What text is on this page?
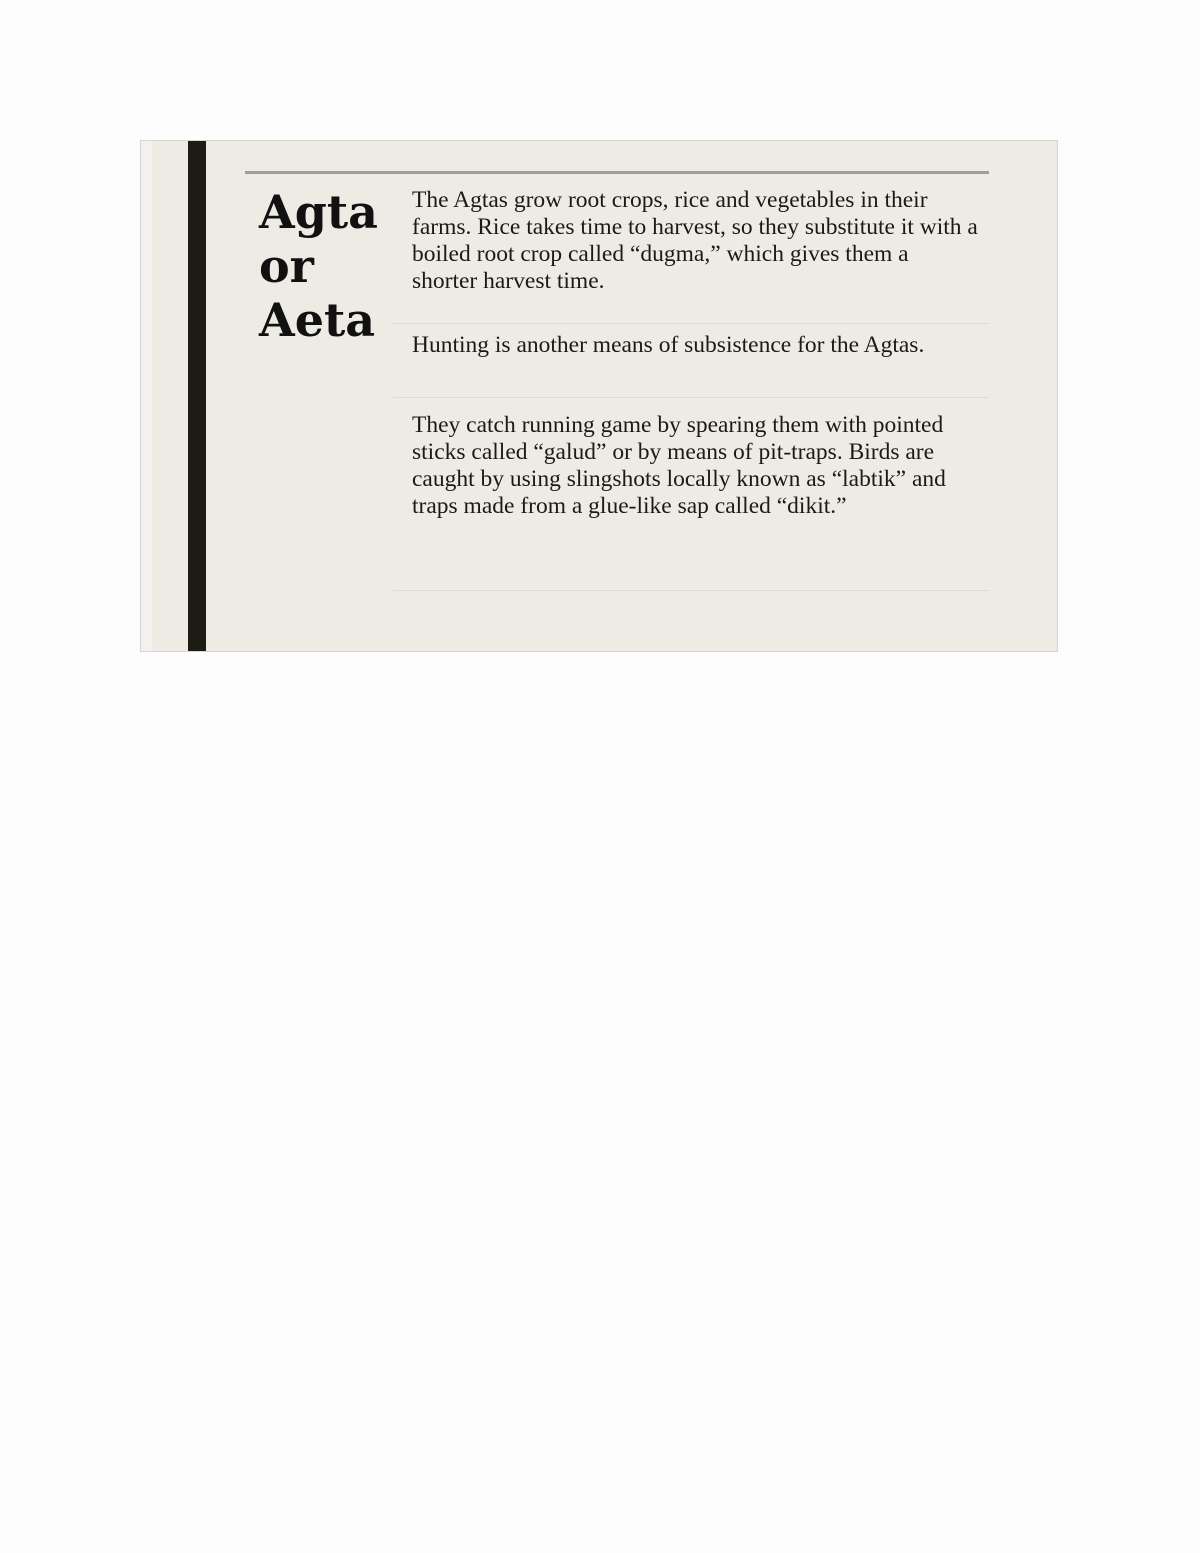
Agta
or
Aeta
The Agtas grow root crops, rice and vegetables in their farms. Rice takes time to harvest, so they substitute it with a boiled root crop called “dugma,” which gives them a shorter harvest time.
Hunting is another means of subsistence for the Agtas.
They catch running game by spearing them with pointed sticks called “galud” or by means of pit-traps. Birds are caught by using slingshots locally known as “labtik” and traps made from a glue-like sap called “dikit.”
